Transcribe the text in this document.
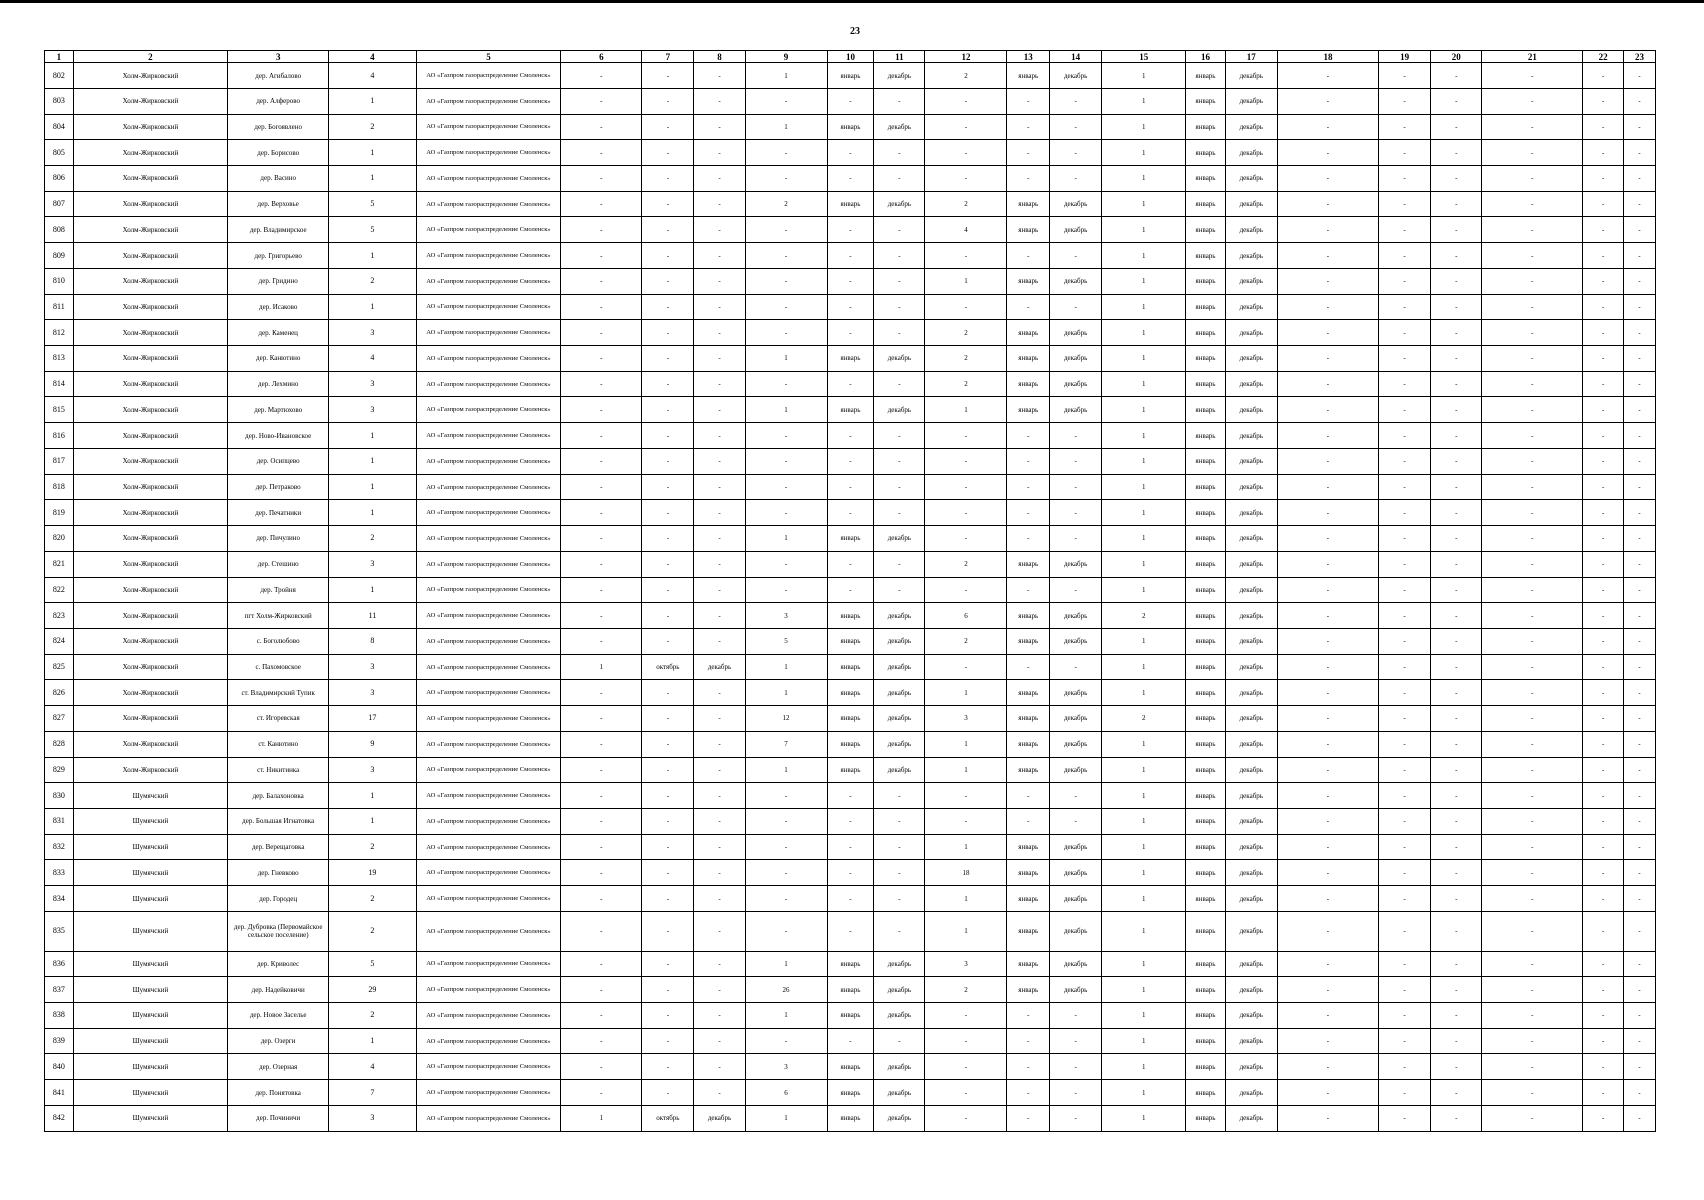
23
1	2	3	4	5	6	7	8	9	10	11	12	13	14	15	16	17	18	19	20	21	22	23
802	Холм-Жирковский	дер. Агибалово	4	АО «Газпром газораспределение Смоленск»	-	-	-	1	январь	декабрь	2	январь	декабрь	1	январь	декабрь	-	-	-	-	-	-
803	Холм-Жирковский	дер. Алферово	1	АО «Газпром газораспределение Смоленск»	-	-	-	-	-	-	-	-	-	1	январь	декабрь	-	-	-	-	-	-
804	Холм-Жирковский	дер. Богоявлено	2	АО «Газпром газораспределение Смоленск»	-	-	-	1	январь	декабрь	-	-	-	1	январь	декабрь	-	-	-	-	-	-
805	Холм-Жирковский	дер. Борисово	1	АО «Газпром газораспределение Смоленск»	-	-	-	-	-	-	-	-	-	1	январь	декабрь	-	-	-	-	-	-
806	Холм-Жирковский	дер. Васино	1	АО «Газпром газораспределение Смоленск»	-	-	-	-	-	-	-	-	-	1	январь	декабрь	-	-	-	-	-	-
807	Холм-Жирковский	дер. Верховье	5	АО «Газпром газораспределение Смоленск»	-	-	-	2	январь	декабрь	2	январь	декабрь	1	январь	декабрь	-	-	-	-	-	-
808	Холм-Жирковский	дер. Владимирское	5	АО «Газпром газораспределение Смоленск»	-	-	-	-	-	-	4	январь	декабрь	1	январь	декабрь	-	-	-	-	-	-
809	Холм-Жирковский	дер. Григорьево	1	АО «Газпром газораспределение Смоленск»	-	-	-	-	-	-	-	-	-	1	январь	декабрь	-	-	-	-	-	-
810	Холм-Жирковский	дер. Гридино	2	АО «Газпром газораспределение Смоленск»	-	-	-	-	-	-	1	январь	декабрь	1	январь	декабрь	-	-	-	-	-	-
811	Холм-Жирковский	дер. Исаково	1	АО «Газпром газораспределение Смоленск»	-	-	-	-	-	-	-	-	-	1	январь	декабрь	-	-	-	-	-	-
812	Холм-Жирковский	дер. Каменец	3	АО «Газпром газораспределение Смоленск»	-	-	-	-	-	-	2	январь	декабрь	1	январь	декабрь	-	-	-	-	-	-
813	Холм-Жирковский	дер. Канютино	4	АО «Газпром газораспределение Смоленск»	-	-	-	1	январь	декабрь	2	январь	декабрь	1	январь	декабрь	-	-	-	-	-	-
814	Холм-Жирковский	дер. Лехмино	3	АО «Газпром газораспределение Смоленск»	-	-	-	-	-	-	2	январь	декабрь	1	январь	декабрь	-	-	-	-	-	-
815	Холм-Жирковский	дер. Мартюхово	3	АО «Газпром газораспределение Смоленск»	-	-	-	1	январь	декабрь	1	январь	декабрь	1	январь	декабрь	-	-	-	-	-	-
816	Холм-Жирковский	дер. Ново-Ивановское	1	АО «Газпром газораспределение Смоленск»	-	-	-	-	-	-	-	-	-	1	январь	декабрь	-	-	-	-	-	-
817	Холм-Жирковский	дер. Осипцево	1	АО «Газпром газораспределение Смоленск»	-	-	-	-	-	-	-	-	-	1	январь	декабрь	-	-	-	-	-	-
818	Холм-Жирковский	дер. Петраково	1	АО «Газпром газораспределение Смоленск»	-	-	-	-	-	-	-	-	-	1	январь	декабрь	-	-	-	-	-	-
819	Холм-Жирковский	дер. Печатники	1	АО «Газпром газораспределение Смоленск»	-	-	-	-	-	-	-	-	-	1	январь	декабрь	-	-	-	-	-	-
820	Холм-Жирковский	дер. Пичулино	2	АО «Газпром газораспределение Смоленск»	-	-	-	1	январь	декабрь	-	-	-	1	январь	декабрь	-	-	-	-	-	-
821	Холм-Жирковский	дер. Стешино	3	АО «Газпром газораспределение Смоленск»	-	-	-	-	-	-	2	январь	декабрь	1	январь	декабрь	-	-	-	-	-	-
822	Холм-Жирковский	дер. Тройня	1	АО «Газпром газораспределение Смоленск»	-	-	-	-	-	-	-	-	-	1	январь	декабрь	-	-	-	-	-	-
823	Холм-Жирковский	пгт Холм-Жирковский	11	АО «Газпром газораспределение Смоленск»	-	-	-	3	январь	декабрь	6	январь	декабрь	2	январь	декабрь	-	-	-	-	-	-
824	Холм-Жирковский	с. Боголюбово	8	АО «Газпром газораспределение Смоленск»	-	-	-	5	январь	декабрь	2	январь	декабрь	1	январь	декабрь	-	-	-	-	-	-
825	Холм-Жирковский	с. Пахомовское	3	АО «Газпром газораспределение Смоленск»	1	октябрь	декабрь	1	январь	декабрь	-	-	-	1	январь	декабрь	-	-	-	-	-	-
826	Холм-Жирковский	ст. Владимирский Тупик	3	АО «Газпром газораспределение Смоленск»	-	-	-	1	январь	декабрь	1	январь	декабрь	1	январь	декабрь	-	-	-	-	-	-
827	Холм-Жирковский	ст. Игоревская	17	АО «Газпром газораспределение Смоленск»	-	-	-	12	январь	декабрь	3	январь	декабрь	2	январь	декабрь	-	-	-	-	-	-
828	Холм-Жирковский	ст. Канютино	9	АО «Газпром газораспределение Смоленск»	-	-	-	7	январь	декабрь	1	январь	декабрь	1	январь	декабрь	-	-	-	-	-	-
829	Холм-Жирковский	ст. Никитинка	3	АО «Газпром газораспределение Смоленск»	-	-	-	1	январь	декабрь	1	январь	декабрь	1	январь	декабрь	-	-	-	-	-	-
830	Шумячский	дер. Балахоновка	1	АО «Газпром газораспределение Смоленск»	-	-	-	-	-	-	-	-	-	1	январь	декабрь	-	-	-	-	-	-
831	Шумячский	дер. Большая Игнатовка	1	АО «Газпром газораспределение Смоленск»	-	-	-	-	-	-	-	-	-	1	январь	декабрь	-	-	-	-	-	-
832	Шумячский	дер. Верещаговка	2	АО «Газпром газораспределение Смоленск»	-	-	-	-	-	-	1	январь	декабрь	1	январь	декабрь	-	-	-	-	-	-
833	Шумячский	дер. Гневково	19	АО «Газпром газораспределение Смоленск»	-	-	-	-	-	-	18	январь	декабрь	1	январь	декабрь	-	-	-	-	-	-
834	Шумячский	дер. Городец	2	АО «Газпром газораспределение Смоленск»	-	-	-	-	-	-	1	январь	декабрь	1	январь	декабрь	-	-	-	-	-	-
835	Шумячский	дер. Дубровка (Первомайское сельское поселение)	2	АО «Газпром газораспределение Смоленск»	-	-	-	-	-	-	1	январь	декабрь	1	январь	декабрь	-	-	-	-	-	-
836	Шумячский	дер. Криволес	5	АО «Газпром газораспределение Смоленск»	-	-	-	1	январь	декабрь	3	январь	декабрь	1	январь	декабрь	-	-	-	-	-	-
837	Шумячский	дер. Надейковичи	29	АО «Газпром газораспределение Смоленск»	-	-	-	26	январь	декабрь	2	январь	декабрь	1	январь	декабрь	-	-	-	-	-	-
838	Шумячский	дер. Новое Заселье	2	АО «Газпром газораспределение Смоленск»	-	-	-	1	январь	декабрь	-	-	-	1	январь	декабрь	-	-	-	-	-	-
839	Шумячский	дер. Озерги	1	АО «Газпром газораспределение Смоленск»	-	-	-	-	-	-	-	-	-	1	январь	декабрь	-	-	-	-	-	-
840	Шумячский	дер. Озерная	4	АО «Газпром газораспределение Смоленск»	-	-	-	3	январь	декабрь	-	-	-	1	январь	декабрь	-	-	-	-	-	-
841	Шумячский	дер. Понятовка	7	АО «Газпром газораспределение Смоленск»	-	-	-	6	январь	декабрь	-	-	-	1	январь	декабрь	-	-	-	-	-	-
842	Шумячский	дер. Починичи	3	АО «Газпром газораспределение Смоленск»	1	октябрь	декабрь	1	январь	декабрь	-	-	-	1	январь	декабрь	-	-	-	-	-	-
